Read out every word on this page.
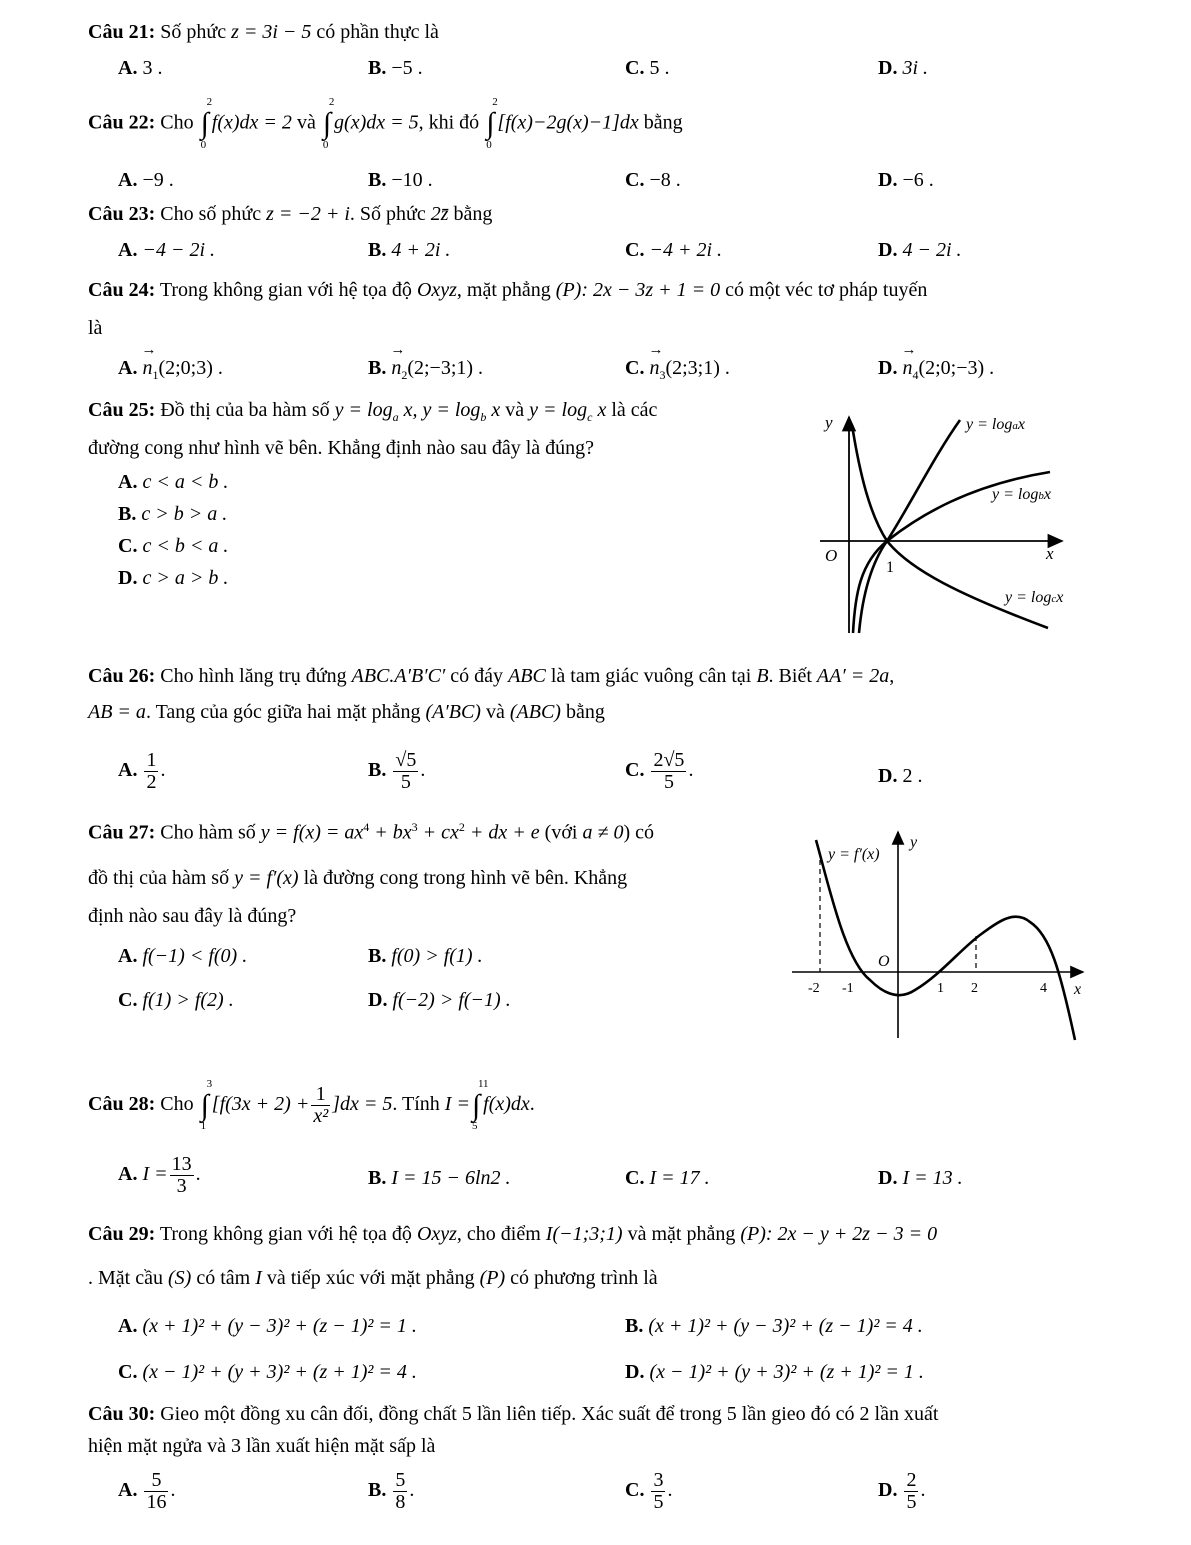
Câu 21: Số phức z = 3i − 5 có phần thực là
A. 3 .	B. −5 .	C. 5 .	D. 3i .
Câu 22: Cho ∫
2
0
f(x)dx = 2 và ∫
2
0
g(x)dx = 5, khi đó ∫
2
0
[f(x)−2g(x)−1]dx bằng
A. −9 .	B. −10 .	C. −8 .	D. −6 .
Câu 23: Cho số phức z = −2 + i. Số phức 2z̄ bằng
A. −4 − 2i .	B. 4 + 2i .	C. −4 + 2i .	D. 4 − 2i .
Câu 24: Trong không gian với hệ tọa độ Oxyz, mặt phẳng (P): 2x − 3z + 1 = 0 có một véc tơ pháp tuyến
là
A. → $n_1(2;0;3)$ .	B. → $n_2(2;-3;1)$ .	C. → $n_3(2;3;1)$ .	D. → $n_4(2;0;-3)$ .
Câu 25: Đồ thị của ba hàm số $y = \log_a x$, $y = \log_b x$ và $y = \log_c x$ là các
đường cong như hình vẽ bên. Khẳng định nào sau đây là đúng?
A. c < a < b .
B. c > b > a .
C. c < b < a .
D. c > a > b .
y
x
O
1
y = logax
y = logbx
y = logcx
Câu 26: Cho hình lăng trụ đứng ABC.A′B′C′ có đáy ABC là tam giác vuông cân tại B. Biết AA′ = 2a,
AB = a. Tang của góc giữa hai mặt phẳng (A′BC) và (ABC) bằng
A. $\frac{1}{2}$ .	B. $\frac{√5}{5}$ .	C. $\frac{2√5}{5}$ .	D. 2 .
Câu 27: Cho hàm số $y = f(x) = ax^4 + bx^3 + cx^2$ + dx + e (với a ≠ 0) có
đồ thị của hàm số y = f′(x) là đường cong trong hình vẽ bên. Khẳng
định nào sau đây là đúng?
A. f(−1) < f(0) .	B. f(0) > f(1) .
C. f(1) > f(2) .	D. f(−2) > f(−1) .
y = f′(x)
y
x
O
-2 -1	1 2	4
Câu 28: Cho ∫
3
1
$[f(3x + 2) + \frac{1}{\text{x²}} ]dx = 5$. Tính I =∫
11
5
f(x)dx.
A. $I = \frac{13}{3}$ .	B. I = 15 − 6ln2 .	C. I = 17 .	D. I = 13 .
Câu 29: Trong không gian với hệ tọa độ Oxyz, cho điểm I(−1;3;1) và mặt phẳng (P): 2x − y + 2z − 3 = 0
. Mặt cầu (S) có tâm I và tiếp xúc với mặt phẳng (P) có phương trình là
A. (x + 1)² + (y − 3)² + (z − 1)² = 1 .	B. (x + 1)² + (y − 3)² + (z − 1)² = 4 .
C. (x − 1)² + (y + 3)² + (z + 1)² = 4 .	D. (x − 1)² + (y + 3)² + (z + 1)² = 1 .
Câu 30: Gieo một đồng xu cân đối, đồng chất 5 lần liên tiếp. Xác suất để trong 5 lần gieo đó có 2 lần xuất
hiện mặt ngửa và 3 lần xuất hiện mặt sấp là
A. $\frac{5}{16}$ .	B. $\frac{5}{8}$ .	C. $\frac{3}{5}$ .	D. $\frac{2}{5}$ .
